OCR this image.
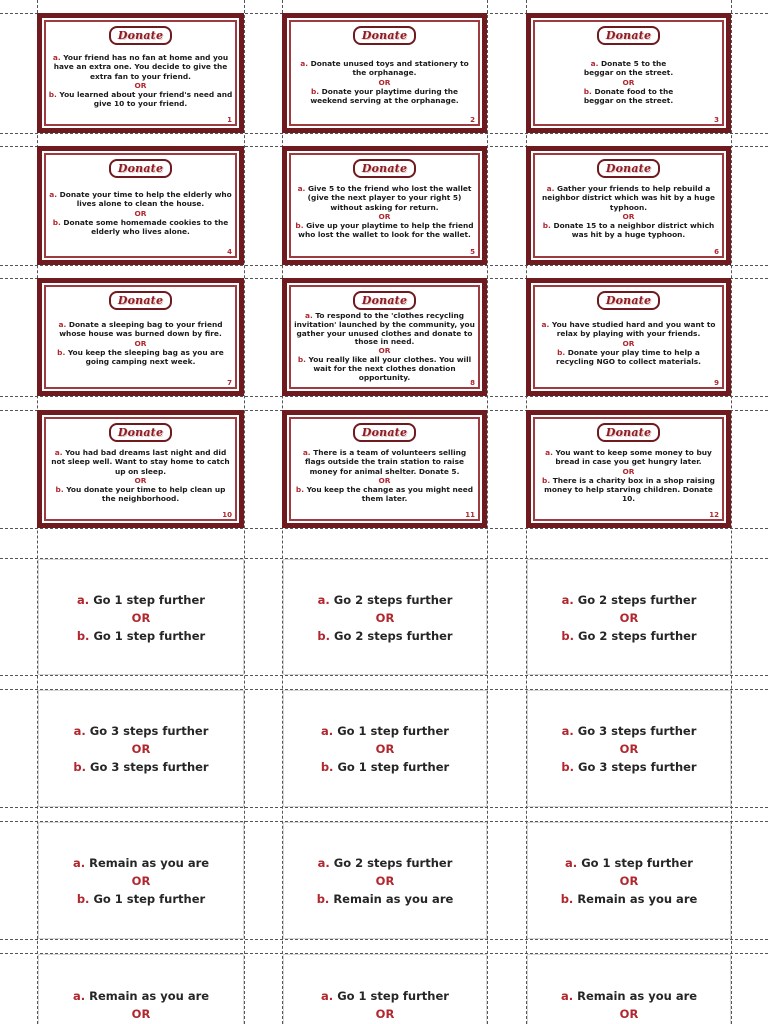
Donate
a. Your friend has no fan at home and you have an extra one. You decide to give the extra fan to your friend.
OR
b. You learned about your friend's need and give 10 to your friend.
1
Donate
a. Donate unused toys and stationery to the orphanage.
OR
b. Donate your playtime during the weekend serving at the orphanage.
2
Donate
a. Donate 5 to the beggar on the street.
OR
b. Donate food to the beggar on the street.
3
Donate
a. Donate your time to help the elderly who lives alone to clean the house.
OR
b. Donate some homemade cookies to the elderly who lives alone.
4
Donate
a. Give 5 to the friend who lost the wallet (give the next player to your right 5) without asking for return.
OR
b. Give up your playtime to help the friend who lost the wallet to look for the wallet.
5
Donate
a. Gather your friends to help rebuild a neighbor district which was hit by a huge typhoon.
OR
b. Donate 15 to a neighbor district which was hit by a huge typhoon.
6
Donate
a. Donate a sleeping bag to your friend whose house was burned down by fire.
OR
b. You keep the sleeping bag as you are going camping next week.
7
Donate
a. To respond to the 'clothes recycling invitation' launched by the community, you gather your unused clothes and donate to those in need.
OR
b. You really like all your clothes. You will wait for the next clothes donation opportunity.
8
Donate
a. You have studied hard and you want to relax by playing with your friends.
OR
b. Donate your play time to help a recycling NGO to collect materials.
9
Donate
a. You had bad dreams last night and did not sleep well. Want to stay home to catch up on sleep.
OR
b. You donate your time to help clean up the neighborhood.
10
Donate
a. There is a team of volunteers selling flags outside the train station to raise money for animal shelter. Donate 5.
OR
b. You keep the change as you might need them later.
11
Donate
a. You want to keep some money to buy bread in case you get hungry later.
OR
b. There is a charity box in a shop raising money to help starving children. Donate 10.
12
a. Go 1 step further
OR
b. Go 1 step further
a. Go 2 steps further
OR
b. Go 2 steps further
a. Go 2 steps further
OR
b. Go 2 steps further
a. Go 3 steps further
OR
b. Go 3 steps further
a. Go 1 step further
OR
b. Go 1 step further
a. Go 3 steps further
OR
b. Go 3 steps further
a. Remain as you are
OR
b. Go 1 step further
a. Go 2 steps further
OR
b. Remain as you are
a. Go 1 step further
OR
b. Remain as you are
a. Remain as you are
OR
a. Go 1 step further
OR
a. Remain as you are
OR
